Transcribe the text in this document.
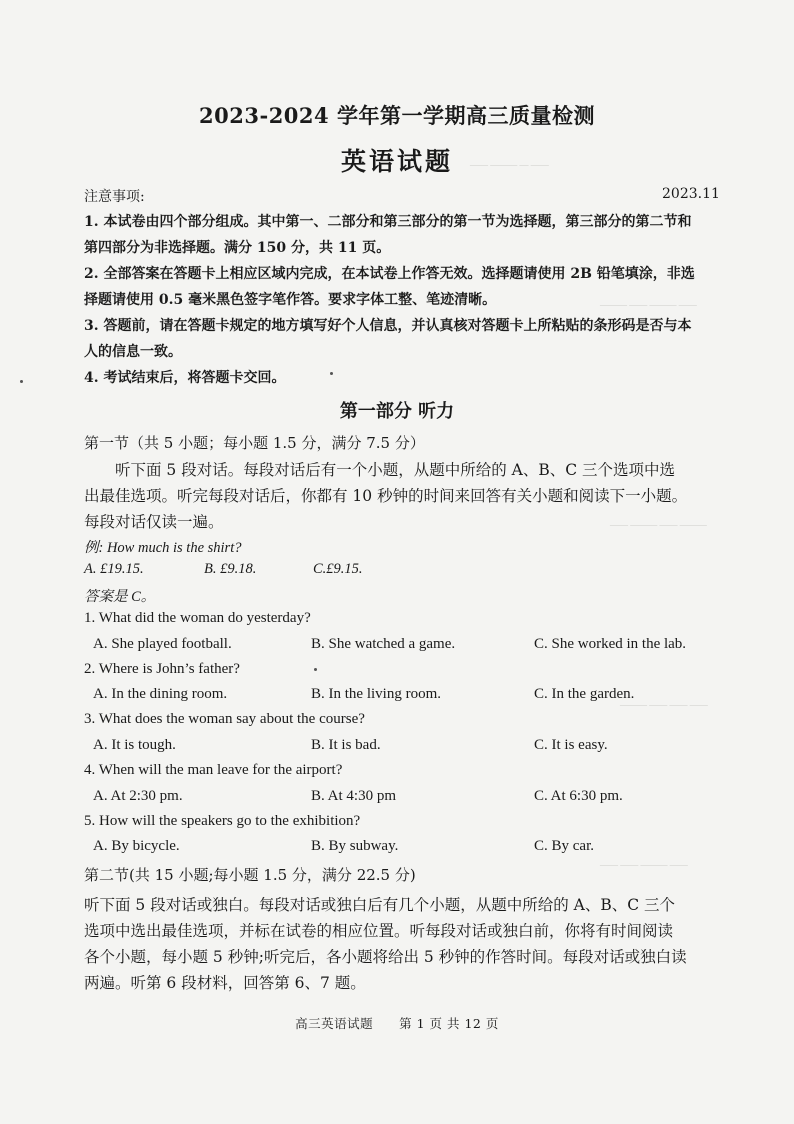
—— ——— — ——
——— —— ——— ——
—— ——— —— ———
——— —— —— ——
—— —— ——— ——
2023-2024 学年第一学期高三质量检测
英语试题
注意事项:	2023.11
1. 本试卷由四个部分组成。其中第一、二部分和第三部分的第一节为选择题，第三部分的第二节和
第四部分为非选择题。满分 150 分，共 11 页。
2. 全部答案在答题卡上相应区域内完成，在本试卷上作答无效。选择题请使用 2B 铅笔填涂，非选
择题请使用 0.5 毫米黑色签字笔作答。要求字体工整、笔迹清晰。
3. 答题前，请在答题卡规定的地方填写好个人信息，并认真核对答题卡上所粘贴的条形码是否与本
人的信息一致。
4. 考试结束后，将答题卡交回。
第一部分 听力
第一节（共 5 小题；每小题 1.5 分，满分 7.5 分）
　　听下面 5 段对话。每段对话后有一个小题，从题中所给的 A、B、C 三个选项中选
出最佳选项。听完每段对话后，你都有 10 秒钟的时间来回答有关小题和阅读下一小题。
每段对话仅读一遍。
例: How much is the shirt?
A. £19.15.	B. £9.18.	C.£9.15.
答案是 C。
1. What did the woman do yesterday?
A. She played football.	B. She watched a game.	C. She worked in the lab.
2. Where is John’s father?
A. In the dining room.	B. In the living room.	C. In the garden.
3. What does the woman say about the course?
A. It is tough.	B. It is bad.	C. It is easy.
4. When will the man leave for the airport?
A. At 2:30 pm.	B. At 4:30 pm	C. At 6:30 pm.
5. How will the speakers go to the exhibition?
A. By bicycle.	B. By subway.	C. By car.
第二节(共 15 小题;每小题 1.5 分，满分 22.5 分)
听下面 5 段对话或独白。每段对话或独白后有几个小题，从题中所给的 A、B、C 三个
选项中选出最佳选项，并标在试卷的相应位置。听每段对话或独白前，你将有时间阅读
各个小题，每小题 5 秒钟;听完后，各小题将给出 5 秒钟的作答时间。每段对话或独白读
两遍。听第 6 段材料，回答第 6、7 题。
高三英语试题　　第 1 页 共 12 页
